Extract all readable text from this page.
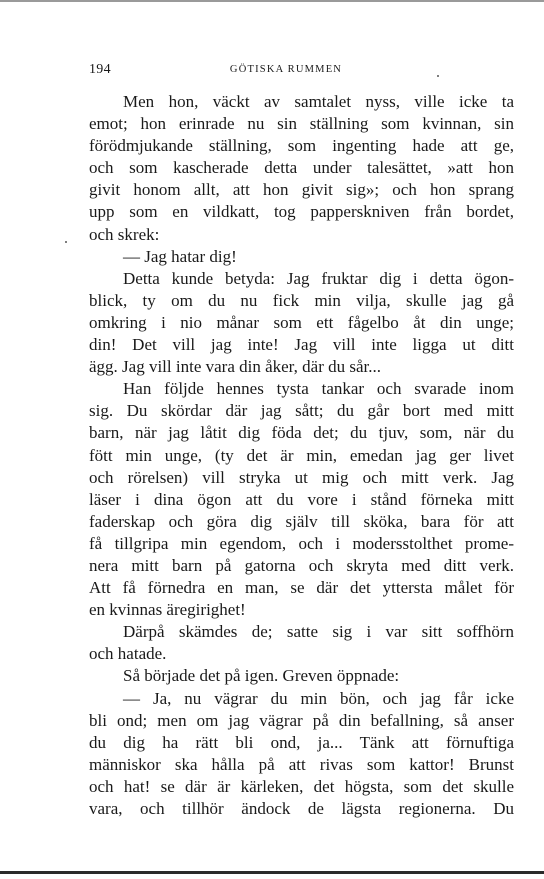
194	GÖTISKA RUMMEN
Men hon, väckt av samtalet nyss, ville icke ta
emot; hon erinrade nu sin ställning som kvinnan, sin
förödmjukande ställning, som ingenting hade att ge,
och som kascherade detta under talesättet, »att hon
givit honom allt, att hon givit sig»; och hon sprang
upp som en vildkatt, tog papperskniven från bordet,
och skrek:
— Jag hatar dig!
Detta kunde betyda: Jag fruktar dig i detta ögon-
blick, ty om du nu fick min vilja, skulle jag gå
omkring i nio månar som ett fågelbo åt din unge;
din! Det vill jag inte! Jag vill inte ligga ut ditt
ägg. Jag vill inte vara din åker, där du sår...
Han följde hennes tysta tankar och svarade inom
sig. Du skördar där jag sått; du går bort med mitt
barn, när jag låtit dig föda det; du tjuv, som, när du
fött min unge, (ty det är min, emedan jag ger livet
och rörelsen) vill stryka ut mig och mitt verk. Jag
läser i dina ögon att du vore i stånd förneka mitt
faderskap och göra dig själv till sköka, bara för att
få tillgripa min egendom, och i modersstolthet prome-
nera mitt barn på gatorna och skryta med ditt verk.
Att få förnedra en man, se där det yttersta målet för
en kvinnas äregirighet!
Därpå skämdes de; satte sig i var sitt soffhörn
och hatade.
Så började det på igen. Greven öppnade:
— Ja, nu vägrar du min bön, och jag får icke
bli ond; men om jag vägrar på din befallning, så anser
du dig ha rätt bli ond, ja... Tänk att förnuftiga
människor ska hålla på att rivas som kattor! Brunst
och hat! se där är kärleken, det högsta, som det skulle
vara, och tillhör ändock de lägsta regionerna. Du
